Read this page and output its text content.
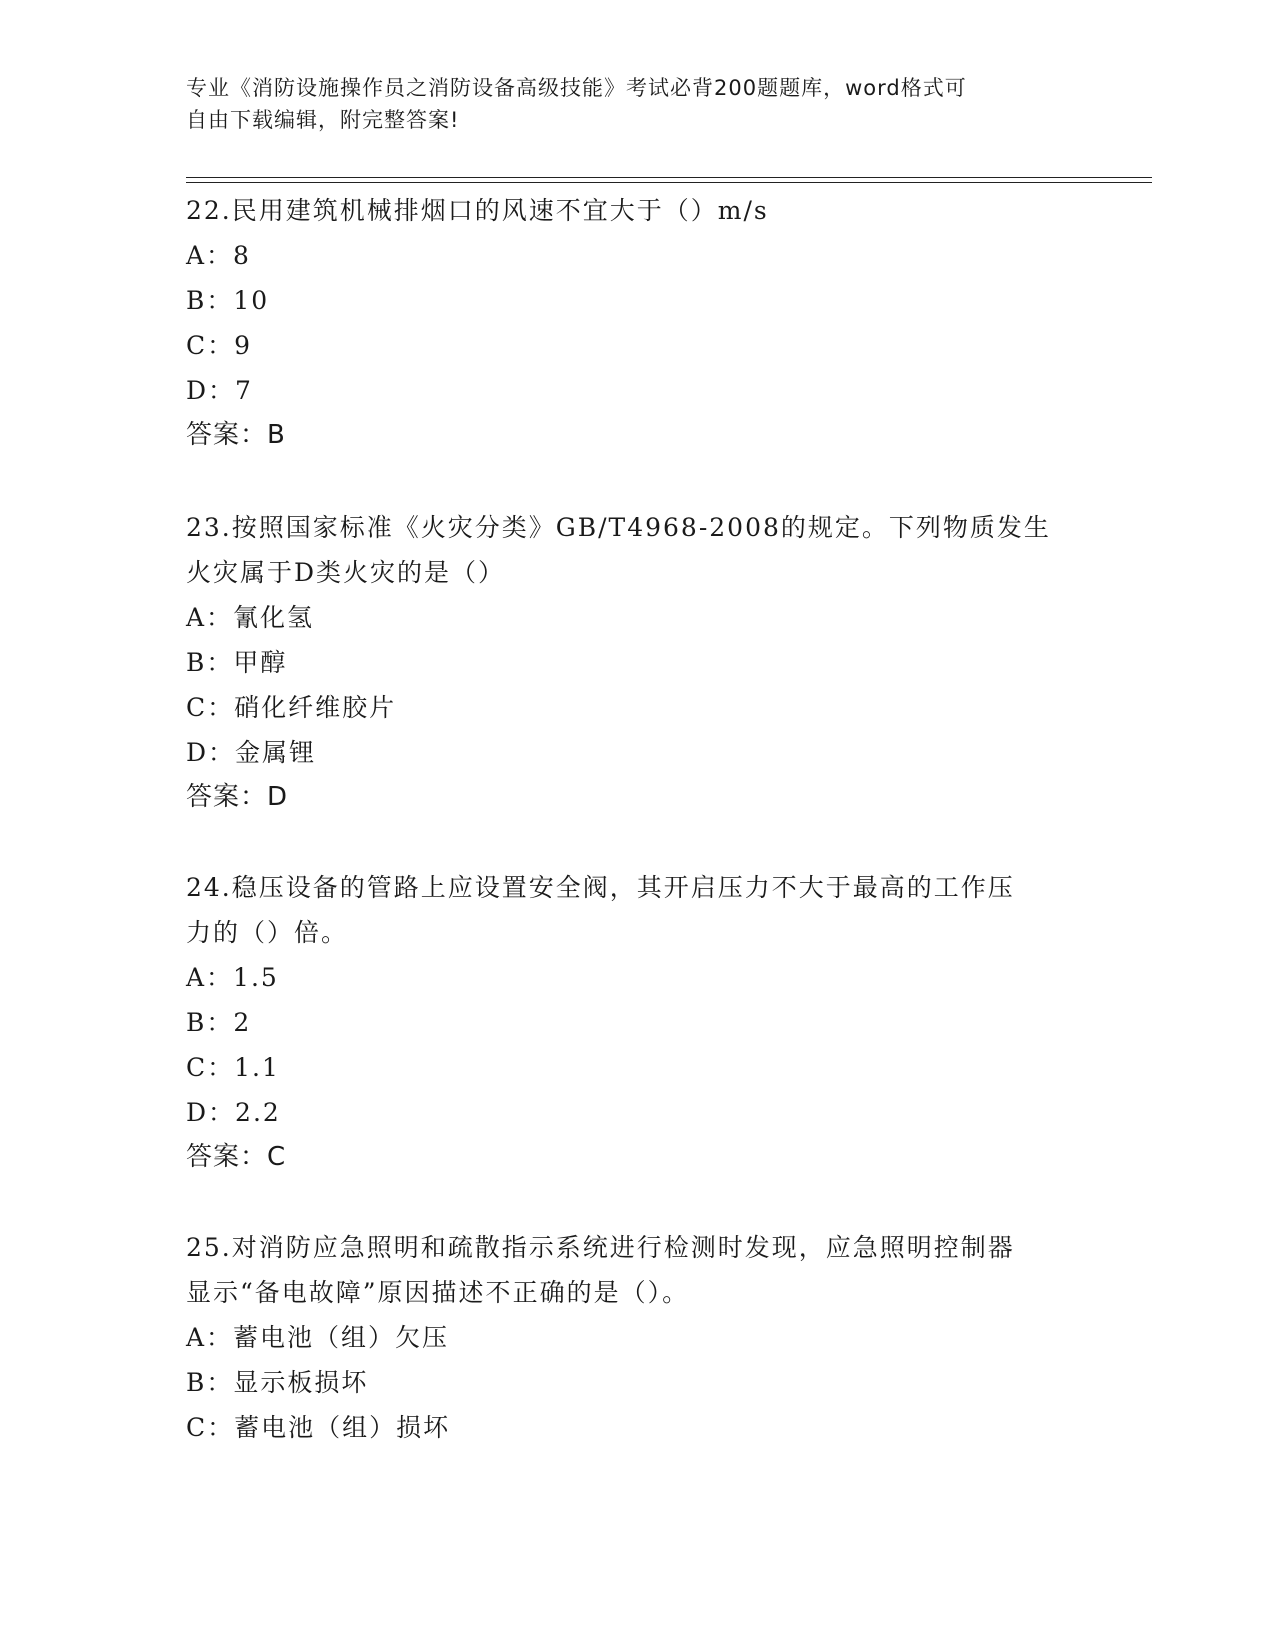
专业《消防设施操作员之消防设备高级技能》考试必背200题题库，word格式可
自由下载编辑，附完整答案!
22.民用建筑机械排烟口的风速不宜大于（）m/s
A：8
B：10
C：9
D：7
答案：B
23.按照国家标准《火灾分类》GB/T4968-2008的规定。下列物质发生
火灾属于D类火灾的是（）
A：氰化氢
B：甲醇
C：硝化纤维胶片
D：金属锂
答案：D
24.稳压设备的管路上应设置安全阀，其开启压力不大于最高的工作压
力的（）倍。
A：1.5
B：2
C：1.1
D：2.2
答案：C
25.对消防应急照明和疏散指示系统进行检测时发现，应急照明控制器
显示“备电故障”原因描述不正确的是（）。
A：蓄电池（组）欠压
B：显示板损坏
C：蓄电池（组）损坏
